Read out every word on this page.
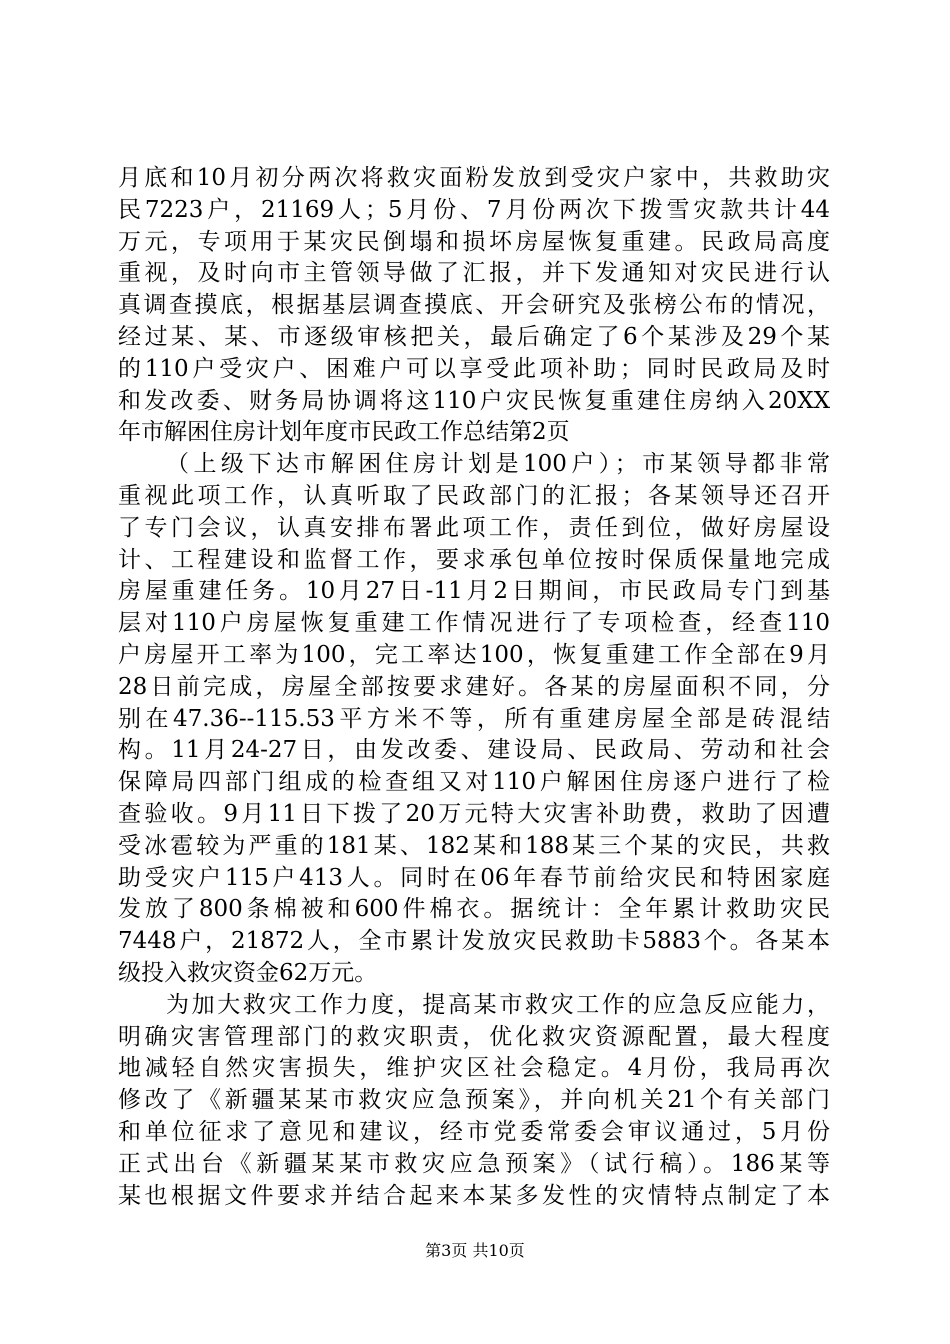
月底和10月初分两次将救灾面粉发放到受灾户家中，共救助灾
民7223户，21169人；5月份、7月份两次下拨雪灾款共计44
万元，专项用于某灾民倒塌和损坏房屋恢复重建。民政局高度
重视，及时向市主管领导做了汇报，并下发通知对灾民进行认
真调查摸底，根据基层调查摸底、开会研究及张榜公布的情况，
经过某、某、市逐级审核把关，最后确定了6个某涉及29个某
的110户受灾户、困难户可以享受此项补助；同时民政局及时
和发改委、财务局协调将这110户灾民恢复重建住房纳入20XX
年市解困住房计划年度市民政工作总结第2页
（上级下达市解困住房计划是100户）；市某领导都非常
重视此项工作，认真听取了民政部门的汇报；各某领导还召开
了专门会议，认真安排布署此项工作，责任到位，做好房屋设
计、工程建设和监督工作，要求承包单位按时保质保量地完成
房屋重建任务。10月27日-11月2日期间，市民政局专门到基
层对110户房屋恢复重建工作情况进行了专项检查，经查110
户房屋开工率为100，完工率达100，恢复重建工作全部在9月
28日前完成，房屋全部按要求建好。各某的房屋面积不同，分
别在47.36--115.53平方米不等，所有重建房屋全部是砖混结
构。11月24-27日，由发改委、建设局、民政局、劳动和社会
保障局四部门组成的检查组又对110户解困住房逐户进行了检
查验收。9月11日下拨了20万元特大灾害补助费，救助了因遭
受冰雹较为严重的181某、182某和188某三个某的灾民，共救
助受灾户115户413人。同时在06年春节前给灾民和特困家庭
发放了800条棉被和600件棉衣。据统计：全年累计救助灾民
7448户，21872人，全市累计发放灾民救助卡5883个。各某本
级投入救灾资金62万元。
为加大救灾工作力度，提高某市救灾工作的应急反应能力，
明确灾害管理部门的救灾职责，优化救灾资源配置，最大程度
地减轻自然灾害损失，维护灾区社会稳定。4月份，我局再次
修改了《新疆某某市救灾应急预案》，并向机关21个有关部门
和单位征求了意见和建议，经市党委常委会审议通过，5月份
正式出台《新疆某某市救灾应急预案》（试行稿）。186某等
某也根据文件要求并结合起来本某多发性的灾情特点制定了本
第3页 共10页
